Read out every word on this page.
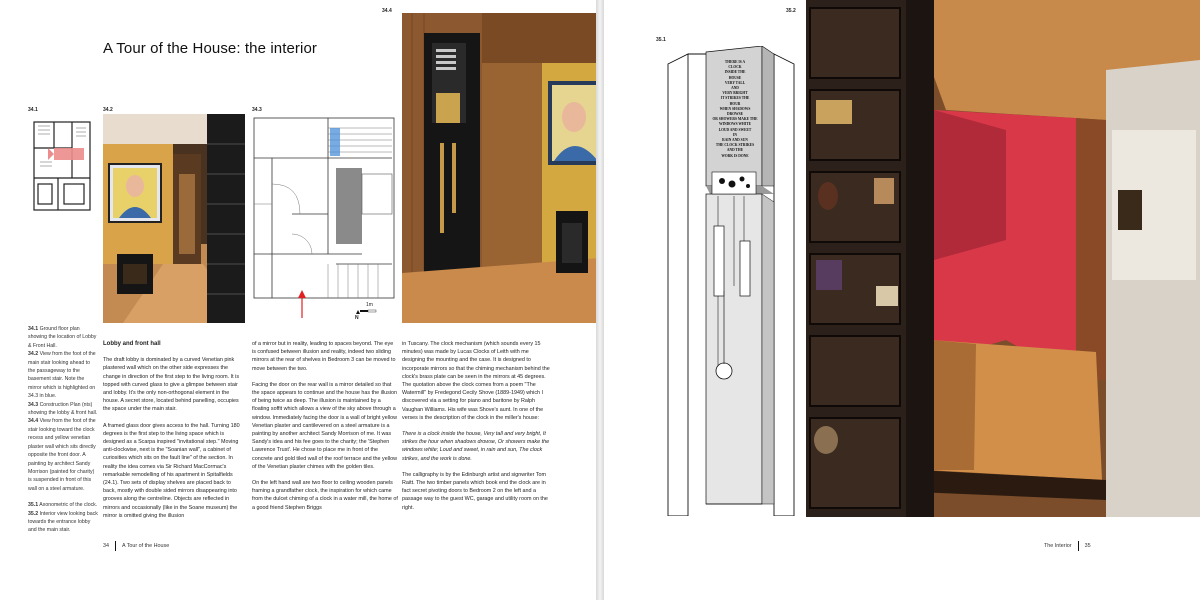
34.4
A Tour of the House: the interior
34.1	34.2	34.3
1m
N

34.1 Ground floor plan showing the location of Lobby & Front Hall.

34.2 View from the foot of the main stair looking ahead to the passageway to the basement stair. Note the mirror which is highlighted on 34.3 in blue.

34.3 Construction Plan (nts) showing the lobby & front hall.

34.4 View from the foot of the stair looking toward the clock recess and yellow venetian plaster wall which sits directly opposite the front door. A painting by architect Sandy Morrison (painted for charity) is suspended in front of this wall on a steel armature.

35.1 Axonometric of the clock.

35.2 Interior view looking back towards the entrance lobby and the main stair.

Lobby and front hall

The draft lobby is dominated by a curved Venetian pink plastered wall which on the other side expresses the change in direction of the first step to the living room. It is topped with curved glass to give a glimpse between stair and lobby. It's the only non-orthogonal element in the house. A secret store, located behind panelling, occupies the space under the main stair.

A framed glass door gives access to the hall. Turning 180 degrees is the first step to the living space which is designed as a Scarpa inspired "invitational step." Moving anti-clockwise, next is the "Soanian wall", a cabinet of curiosities which sits on the fault line" of the section. In reality the idea comes via Sir Richard MacCormac's remarkable remodelling of his apartment in Spitalfields (24.1). Two sets of display shelves are placed back to back, mostly with double sided mirrors disappearing into grooves along the centreline. Objects are reflected in mirrors and occasionally (like in the Soane museum) the mirror is omitted giving the illusion

of a mirror but in reality, leading to spaces beyond. The eye is confused between illusion and reality, indeed two sliding mirrors at the rear of shelves in Bedroom 3 can be moved to move between the two.

Facing the door on the rear wall is a mirror detailed so that the space appears to continue and the house has the illusion of being twice as deep. The illusion is maintained by a floating soffit which allows a view of the sky above through a window. Immediately facing the door is a wall of bright yellow Venetian plaster and cantilevered on a steel armature is a painting by another architect Sandy Morrison of me. It was Sandy's idea and his fee goes to the charity; the 'Stephen Lawrence Trust'. He chose to place me in front of the concrete and gold tiled wall of the roof terrace and the yellow of the Venetian plaster chimes with the golden tiles.

On the left hand wall are two floor to ceiling wooden panels framing a grandfather clock, the inspiration for which came from the dulcet chiming of a clock in a water mill, the home of a good friend Stephen Briggs

in Tuscany. The clock mechanism (which sounds every 15 minutes) was made by Lucas Clocks of Leith with me designing the mounting and the case. It is designed to incorporate mirrors so that the chiming mechanism behind the clock's brass plate can be seen in the mirrors at 45 degrees. The quotation above the clock comes from a poem "The Watermill" by Fredegond Cecily Shove (1889-1949) which I discovered via a setting for piano and baritone by Ralph Vaughan Williams. His wife was Shove's aunt. In one of the verses is the description of the clock in the miller's house:

There is a clock inside the house, Very tall and very bright, It strikes the hour when shadows drowse, Or showers make the windows white; Loud and sweet, in rain and sun, The clock strikes, and the work is done.

The calligraphy is by the Edinburgh artist and signwriter Tom Raitt. The two timber panels which book end the clock are in fact secret pivoting doors to Bedroom 2 on the left and a passage way to the guest WC, garage and utility room on the right.

34 A Tour of the House
35.2
35.1
THERE IS A
CLOCK
INSIDE THE
HOUSE
VERY TALL
AND
VERY BRIGHT
IT STRIKES THE
HOUR
WHEN SHADOWS
DROWSE
OR SHOWERS MAKE THE
WINDOWS WHITE
LOUD AND SWEET
IN
RAIN AND SUN
THE CLOCK STRIKES
AND THE
WORK IS DONE
The Interior 35
